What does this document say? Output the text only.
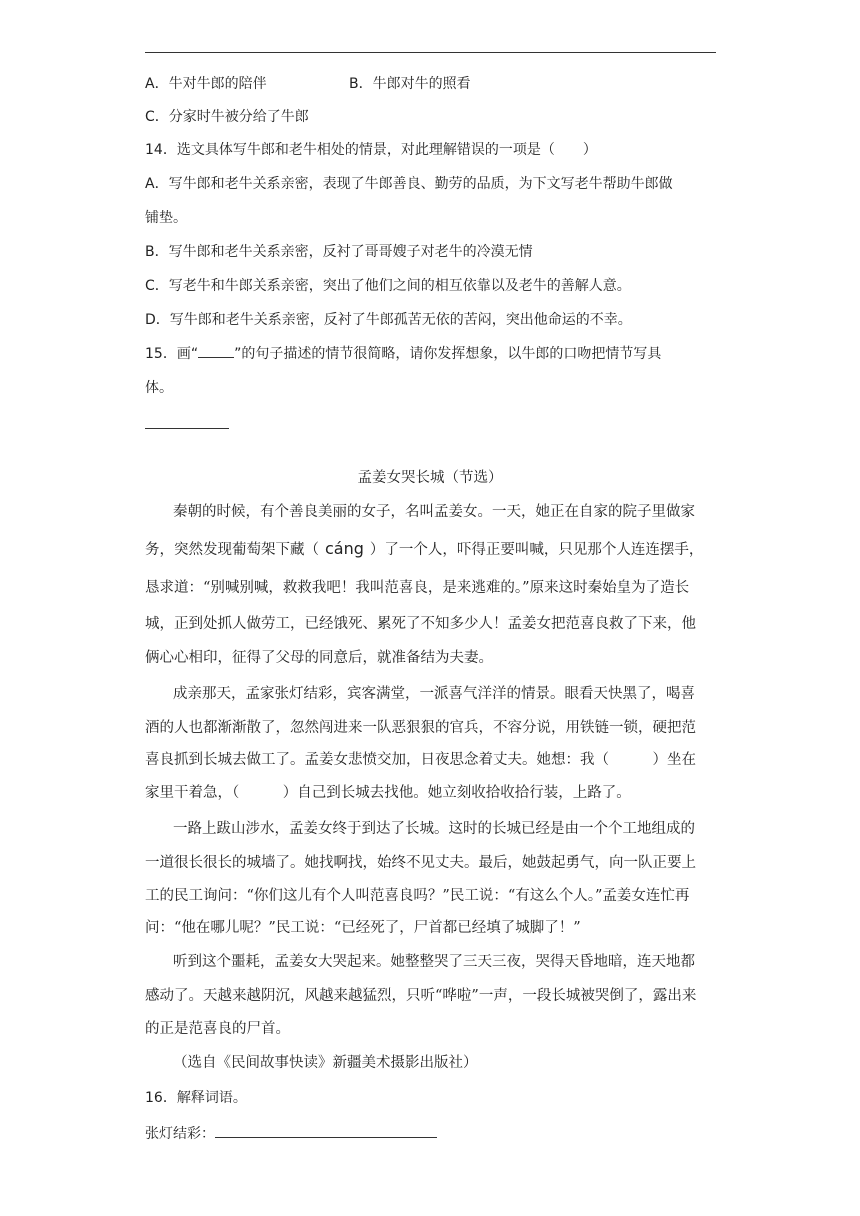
A．牛对牛郎的陪伴	B．牛郎对牛的照看
C．分家时牛被分给了牛郎
14．选文具体写牛郎和老牛相处的情景，对此理解错误的一项是（　　）
A．写牛郎和老牛关系亲密，表现了牛郎善良、勤劳的品质，为下文写老牛帮助牛郎做
铺垫。
B．写牛郎和老牛关系亲密，反衬了哥哥嫂子对老牛的冷漠无情
C．写老牛和牛郎关系亲密，突出了他们之间的相互依靠以及老牛的善解人意。
D．写牛郎和老牛关系亲密，反衬了牛郎孤苦无依的苦闷，突出他命运的不幸。
15．画“	”的句子描述的情节很简略，请你发挥想象，以牛郎的口吻把情节写具
体。
孟姜女哭长城（节选）
秦朝的时候，有个善良美丽的女子，名叫孟姜女。一天，她正在自家的院子里做家
务，突然发现葡萄架下藏（ cáng ）了一个人，吓得正要叫喊，只见那个人连连摆手，
恳求道：“别喊别喊，救救我吧！我叫范喜良，是来逃难的。”原来这时秦始皇为了造长
城，正到处抓人做劳工，已经饿死、累死了不知多少人！孟姜女把范喜良救了下来，他
俩心心相印，征得了父母的同意后，就准备结为夫妻。
成亲那天，孟家张灯结彩，宾客满堂，一派喜气洋洋的情景。眼看天快黑了，喝喜
酒的人也都渐渐散了，忽然闯进来一队恶狠狠的官兵，不容分说，用铁链一锁，硬把范
喜良抓到长城去做工了。孟姜女悲愤交加，日夜思念着丈夫。她想：我（　　　）坐在
家里干着急，（　　　）自己到长城去找他。她立刻收拾收拾行装，上路了。
一路上跋山涉水，孟姜女终于到达了长城。这时的长城已经是由一个个工地组成的
一道很长很长的城墙了。她找啊找，始终不见丈夫。最后，她鼓起勇气，向一队正要上
工的民工询问：“你们这儿有个人叫范喜良吗？”民工说：“有这么个人。”孟姜女连忙再
问：“他在哪儿呢？”民工说：“已经死了，尸首都已经填了城脚了！”
听到这个噩耗，孟姜女大哭起来。她整整哭了三天三夜，哭得天昏地暗，连天地都
感动了。天越来越阴沉，风越来越猛烈，只听“哗啦”一声，一段长城被哭倒了，露出来
的正是范喜良的尸首。
（选自《民间故事快读》新疆美术摄影出版社）
16．解释词语。
张灯结彩：
